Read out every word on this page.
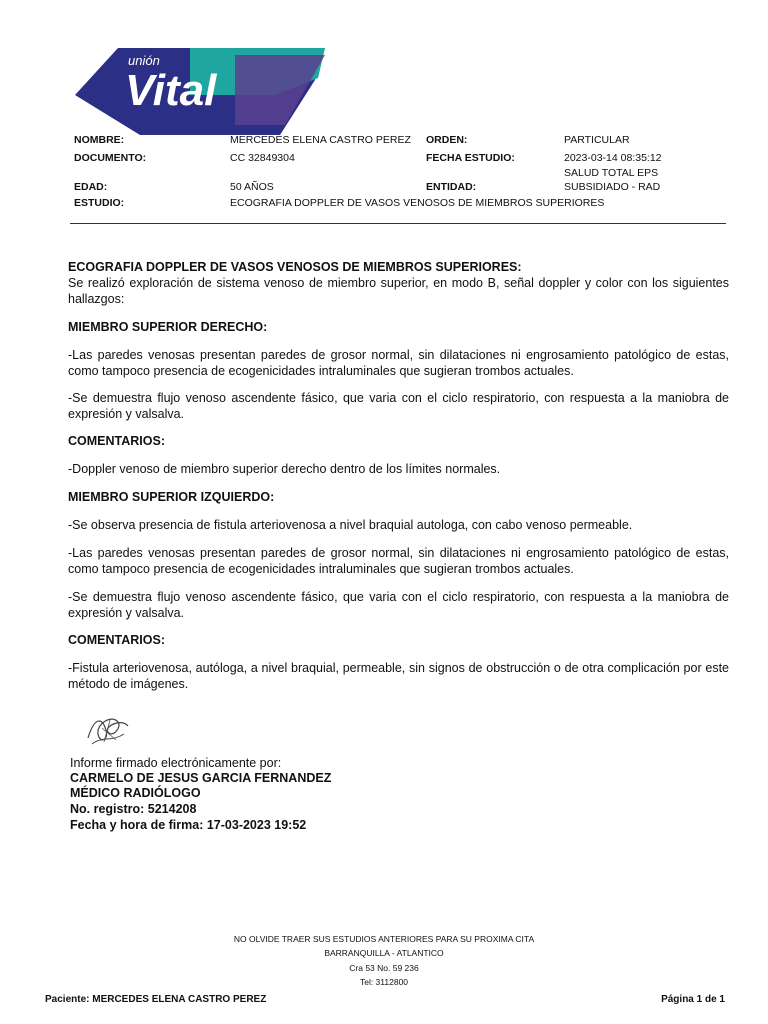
unión
Vital
NOMBRE:	MERCEDES ELENA CASTRO PEREZ ORDEN:	PARTICULAR
DOCUMENTO:	CC 32849304	FECHA ESTUDIO:	2023-03-14 08:35:12
SALUD TOTAL EPS
EDAD:	50 AÑOS	ENTIDAD:	SUBSIDIADO - RAD
ESTUDIO:	ECOGRAFIA DOPPLER DE VASOS VENOSOS DE MIEMBROS SUPERIORES
ECOGRAFIA DOPPLER DE VASOS VENOSOS DE MIEMBROS SUPERIORES:
Se realizó exploración de sistema venoso de miembro superior, en modo B, señal doppler y color con los siguientes hallazgos:
MIEMBRO SUPERIOR DERECHO:
-Las paredes venosas presentan paredes de grosor normal, sin dilataciones ni engrosamiento patológico de estas, como tampoco presencia de ecogenicidades intraluminales que sugieran trombos actuales.
-Se demuestra flujo venoso ascendente fásico, que varia con el ciclo respiratorio, con respuesta a la maniobra de expresión y valsalva.
COMENTARIOS:
-Doppler venoso de miembro superior derecho dentro de los límites normales.
MIEMBRO SUPERIOR IZQUIERDO:
-Se observa presencia de fistula arteriovenosa a nivel braquial autologa, con cabo venoso permeable.
-Las paredes venosas presentan paredes de grosor normal, sin dilataciones ni engrosamiento patológico de estas, como tampoco presencia de ecogenicidades intraluminales que sugieran trombos actuales.
-Se demuestra flujo venoso ascendente fásico, que varia con el ciclo respiratorio, con respuesta a la maniobra de expresión y valsalva.
COMENTARIOS:
-Fistula arteriovenosa, autóloga, a nivel braquial, permeable, sin signos de obstrucción o de otra complicación por este método de imágenes.
Informe firmado electrónicamente por:
CARMELO DE JESUS GARCIA FERNANDEZ
MÉDICO RADIÓLOGO
No. registro: 5214208
Fecha y hora de firma: 17-03-2023 19:52
NO OLVIDE TRAER SUS ESTUDIOS ANTERIORES PARA SU PROXIMA CITA
BARRANQUILLA - ATLANTICO
Cra 53 No. 59 236
Tel: 3112800
Paciente: MERCEDES ELENA CASTRO PEREZ	Página 1 de 1
